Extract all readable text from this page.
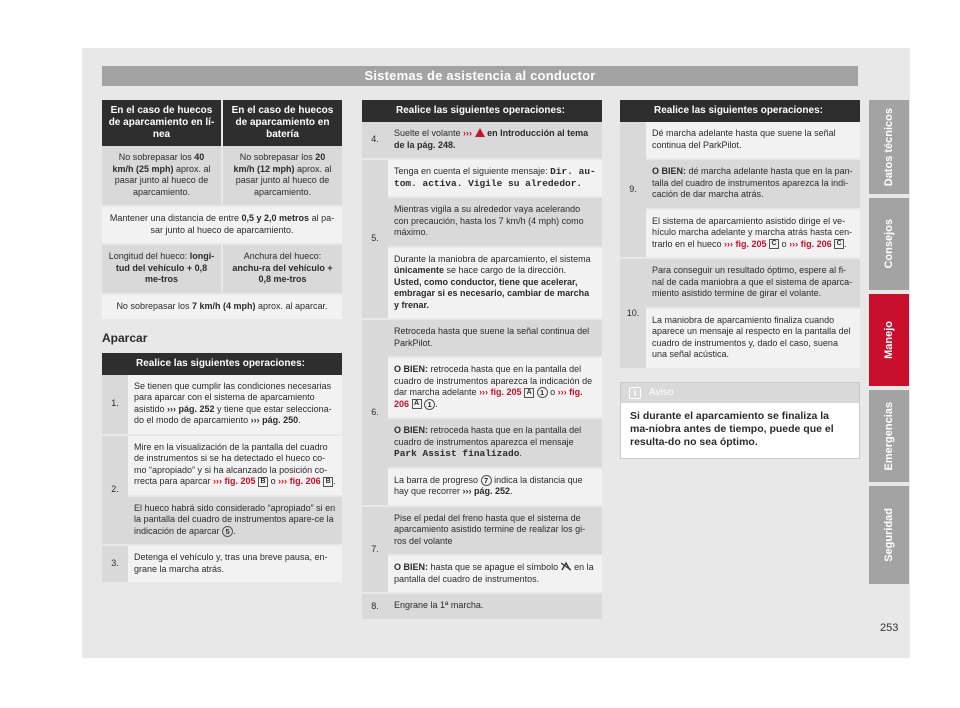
Sistemas de asistencia al conductor
En el caso de huecos de aparcamiento en lí-nea	En el caso de huecos de aparcamiento en batería
No sobrepasar los 40 km/h (25 mph) aprox. al pasar junto al hueco de aparcamiento.	No sobrepasar los 20 km/h (12 mph) aprox. al pasar junto al hueco de aparcamiento.
Mantener una distancia de entre 0,5 y 2,0 metros al pa-sar junto al hueco de aparcamiento.	
Longitud del hueco: longi-tud del vehículo + 0,8 me-tros	Anchura del hueco: anchu-ra del vehículo + 0,8 me-tros
No sobrepasar los 7 km/h (4 mph) aprox. al aparcar.	
Aparcar
	Realice las siguientes operaciones:
1.	Se tienen que cumplir las condiciones necesarias para aparcar con el sistema de aparcamiento asistido ››› pág. 252 y tiene que estar selecciona-do el modo de aparcamiento ››› pág. 250.
2.	Mire en la visualización de la pantalla del cuadro de instrumentos si se ha detectado el hueco co-mo “apropiado” y si ha alcanzado la posición co-rrecta para aparcar ››› fig. 205 B o ››› fig. 206 B .
	El hueco habrá sido considerado “apropiado” si en la pantalla del cuadro de instrumentos apare-ce la indicación de aparcar 5 .
3.	Detenga el vehículo y, tras una breve pausa, en-grane la marcha atrás.
	Realice las siguientes operaciones:
4.	Suelte el volante ›››  en Introducción al tema de la pág. 248.
5.	Tenga en cuenta el siguiente mensaje: Dir. au-tom. activa. Vigile su alrededor.
	Mientras vigila a su alrededor vaya acelerando con precaución, hasta los 7 km/h (4 mph) como máximo.
	Durante la maniobra de aparcamiento, el sistema únicamente se hace cargo de la dirección. Usted, como conductor, tiene que acelerar, embragar si es necesario, cambiar de marcha y frenar.
6.	Retroceda hasta que suene la señal continua del ParkPilot.
	O BIEN: retroceda hasta que en la pantalla del cuadro de instrumentos aparezca la indicación de dar marcha adelante ››› fig. 205 A 1 o ››› fig. 206 A 1 .
	O BIEN: retroceda hasta que en la pantalla del cuadro de instrumentos aparezca el mensaje Park Assist finalizado.
	La barra de progreso 7 indica la distancia que hay que recorrer ››› pág. 252.
7.	Pise el pedal del freno hasta que el sistema de aparcamiento asistido termine de realizar los gi-ros del volante
	O BIEN: hasta que se apague el símbolo  en la pantalla del cuadro de instrumentos.
8.	Engrane la 1ª marcha.
	Realice las siguientes operaciones:
9.	Dé marcha adelante hasta que suene la señal continua del ParkPilot.
	O BIEN: dé marcha adelante hasta que en la pan-talla del cuadro de instrumentos aparezca la indi-cación de dar marcha atrás.
	El sistema de aparcamiento asistido dirige el ve-hículo marcha adelante y marcha atrás hasta cen-trarlo en el hueco ››› fig. 205 C o ››› fig. 206 C .
10.	Para conseguir un resultado óptimo, espere al fi-nal de cada maniobra a que el sistema de aparca-miento asistido termine de girar el volante.
	La maniobra de aparcamiento finaliza cuando aparece un mensaje al respecto en la pantalla del cuadro de instrumentos y, dado el caso, suena una señal acústica.
i	Aviso
Si durante el aparcamiento se finaliza la ma-niobra antes de tiempo, puede que el resulta-do no sea óptimo.
Datos técnicos
Consejos
Manejo
Emergencias
Seguridad
253
